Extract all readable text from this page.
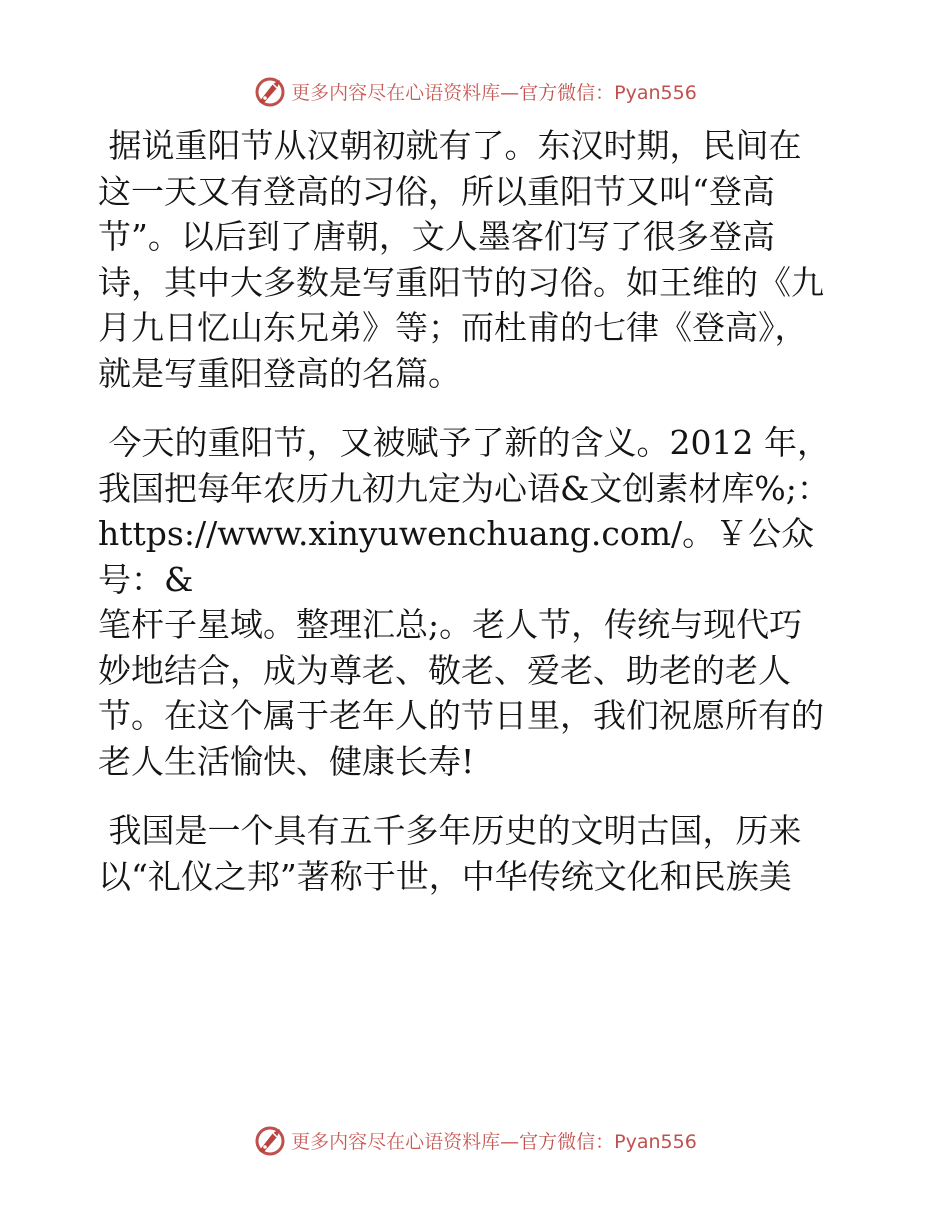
更多内容尽在心语资料库—官方微信：Pyan556

据说重阳节从汉朝初就有了。东汉时期，民间在
这一天又有登高的习俗，所以重阳节又叫“登高
节”。以后到了唐朝，文人墨客们写了很多登高
诗，其中大多数是写重阳节的习俗。如王维的《九
月九日忆山东兄弟》等；而杜甫的七律《登高》，
就是写重阳登高的名篇。

今天的重阳节，又被赋予了新的含义。2012 年，
我国把每年农历九初九定为心语&文创素材库%;：
https://www.xinyuwenchuang.com/。￥公众号：&
笔杆子星域。整理汇总;。老人节，传统与现代巧
妙地结合，成为尊老、敬老、爱老、助老的老人
节。在这个属于老年人的节日里，我们祝愿所有的
老人生活愉快、健康长寿!

我国是一个具有五千多年历史的文明古国，历来
以“礼仪之邦”著称于世，中华传统文化和民族美

更多内容尽在心语资料库—官方微信：Pyan556
